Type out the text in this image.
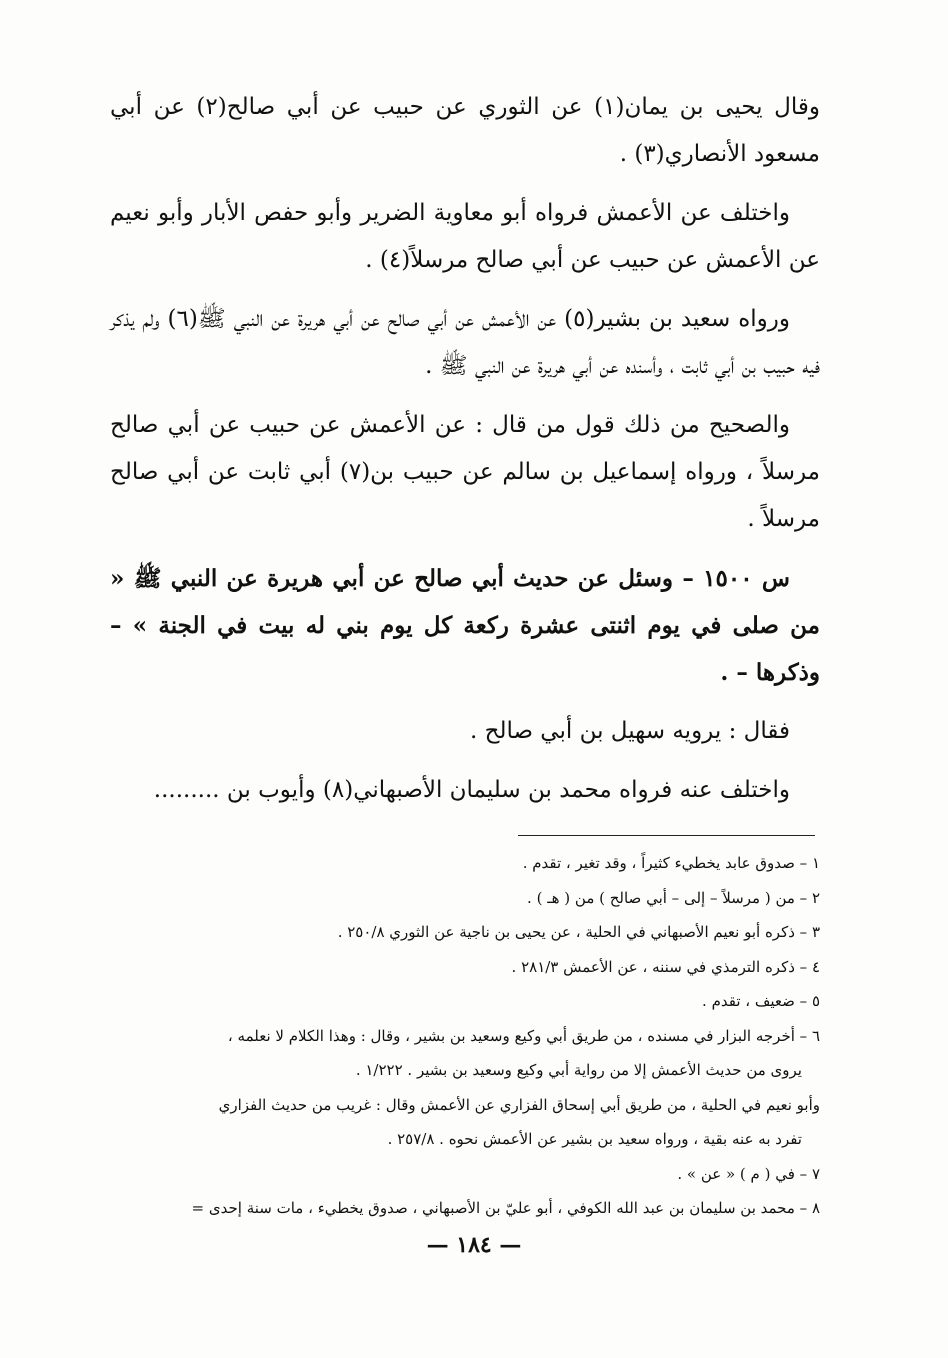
وقال يحيى بن يمان(١) عن الثوري عن حبيب عن أبي صالح(٢) عن أبي مسعود الأنصاري(٣) .

واختلف عن الأعمش فرواه أبو معاوية الضرير وأبو حفص الأبار وأبو نعيم عن الأعمش عن حبيب عن أبي صالح مرسلاً(٤) .

ورواه سعيد بن بشير(٥) عن الأعمش عن أبي صالح عن أبي هريرة عن النبي ﷺ(٦) ولم يذكر فيه حبيب بن أبي ثابت ، وأسنده عن أبي هريرة عن النبي ﷺ .

والصحيح من ذلك قول من قال : عن الأعمش عن حبيب عن أبي صالح مرسلاً ، ورواه إسماعيل بن سالم عن حبيب بن(٧) أبي ثابت عن أبي صالح مرسلاً .

س ١٥٠٠ – وسئل عن حديث أبي صالح عن أبي هريرة عن النبي ﷺ « من صلى في يوم اثنتى عشرة ركعة كل يوم بني له بيت في الجنة » – وذكرها – .

فقال : يرويه سهيل بن أبي صالح .

واختلف عنه فرواه محمد بن سليمان الأصبهاني(٨) وأيوب بن .........

١ – صدوق عابد يخطيء كثيراً ، وقد تغير ، تقدم .
٢ – من ( مرسلاً – إلى – أبي صالح ) من ( هـ ) .
٣ – ذكره أبو نعيم الأصبهاني في الحلية ، عن يحيى بن ناجية عن الثوري ٢٥٠/٨ .
٤ – ذكره الترمذي في سننه ، عن الأعمش ٢٨١/٣ .
٥ – ضعيف ، تقدم .
٦ – أخرجه البزار في مسنده ، من طريق أبي وكيع وسعيد بن بشير ، وقال : وهذا الكلام لا نعلمه ،
يروى من حديث الأعمش إلا من رواية أبي وكيع وسعيد بن بشير . ١/٢٢٢ .
وأبو نعيم في الحلية ، من طريق أبي إسحاق الفزاري عن الأعمش وقال : غريب من حديث الفزاري
تفرد به عنه بقية ، ورواه سعيد بن بشير عن الأعمش نحوه . ٢٥٧/٨ .
٧ – في ( م ) « عن » .
٨ – محمد بن سليمان بن عبد الله الكوفي ، أبو عليّ بن الأصبهاني ، صدوق يخطيء ، مات سنة إحدى =
— ١٨٤ —
